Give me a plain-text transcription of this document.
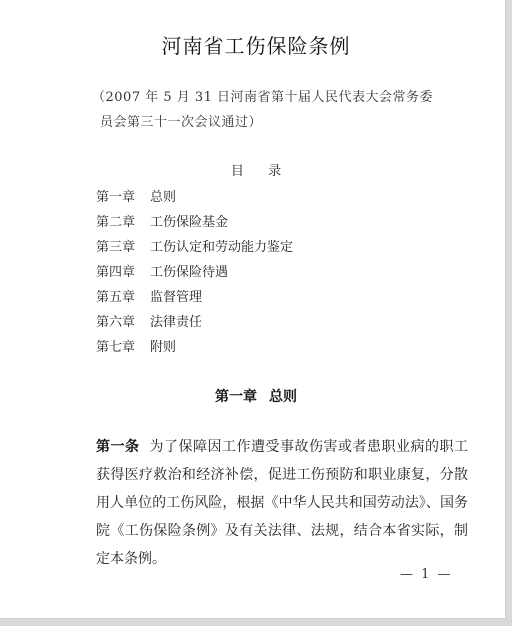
河南省工伤保险条例
（2007 年 5 月 31 日河南省第十届人民代表大会常务委
员会第三十一次会议通过）
目 录
第一章 总则
第二章 工伤保险基金
第三章 工伤认定和劳动能力鉴定
第四章 工伤保险待遇
第五章 监督管理
第六章 法律责任
第七章 附则
第一章 总则

第一条 为了保障因工作遭受事故伤害或者患职业病的职工获得医疗救治和经济补偿，促进工伤预防和职业康复，分散用人单位的工伤风险，根据《中华人民共和国劳动法》、国务院《工伤保险条例》及有关法律、法规，结合本省实际，制定本条例。

— 1 —
